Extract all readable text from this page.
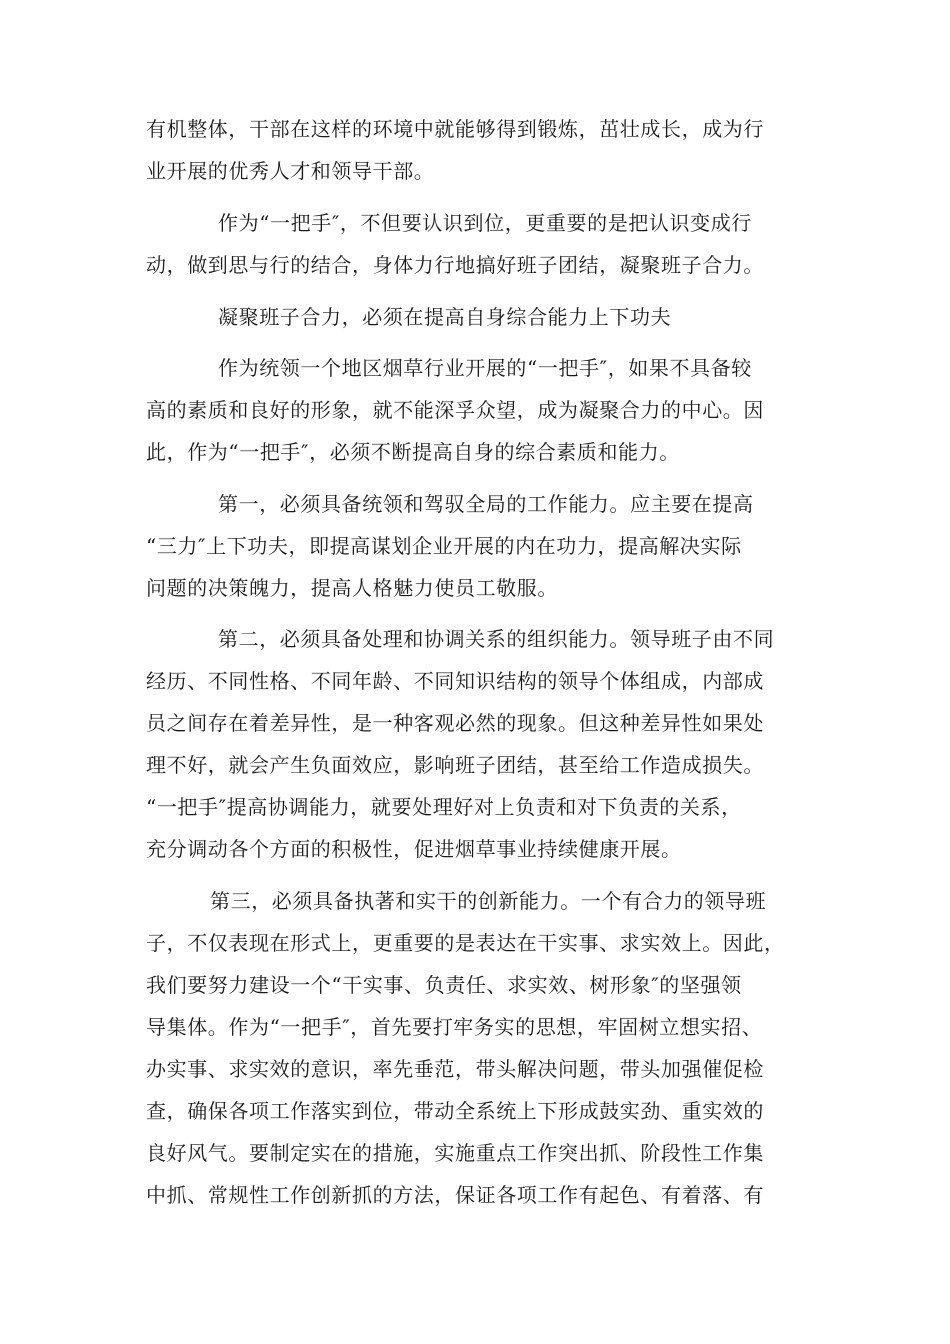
有机整体，干部在这样的环境中就能够得到锻炼，茁壮成长，成为行

业开展的优秀人才和领导干部。

作为“一把手″，不但要认识到位，更重要的是把认识变成行

动，做到思与行的结合，身体力行地搞好班子团结，凝聚班子合力。

凝聚班子合力，必须在提高自身综合能力上下功夫

作为统领一个地区烟草行业开展的“一把手″，如果不具备较

高的素质和良好的形象，就不能深孚众望，成为凝聚合力的中心。因

此，作为“一把手″，必须不断提高自身的综合素质和能力。

第一，必须具备统领和驾驭全局的工作能力。应主要在提高

“三力″上下功夫，即提高谋划企业开展的内在功力，提高解决实际

问题的决策魄力，提高人格魅力使员工敬服。

第二，必须具备处理和协调关系的组织能力。领导班子由不同

经历、不同性格、不同年龄、不同知识结构的领导个体组成，内部成

员之间存在着差异性，是一种客观必然的现象。但这种差异性如果处

理不好，就会产生负面效应，影响班子团结，甚至给工作造成损失。

“一把手″提高协调能力，就要处理好对上负责和对下负责的关系，

充分调动各个方面的积极性，促进烟草事业持续健康开展。

第三，必须具备执著和实干的创新能力。一个有合力的领导班

子，不仅表现在形式上，更重要的是表达在干实事、求实效上。因此，

我们要努力建设一个“干实事、负责任、求实效、树形象″的坚强领

导集体。作为“一把手″，首先要打牢务实的思想，牢固树立想实招、

办实事、求实效的意识，率先垂范，带头解决问题，带头加强催促检

查，确保各项工作落实到位，带动全系统上下形成鼓实劲、重实效的

良好风气。要制定实在的措施，实施重点工作突出抓、阶段性工作集

中抓、常规性工作创新抓的方法，保证各项工作有起色、有着落、有
